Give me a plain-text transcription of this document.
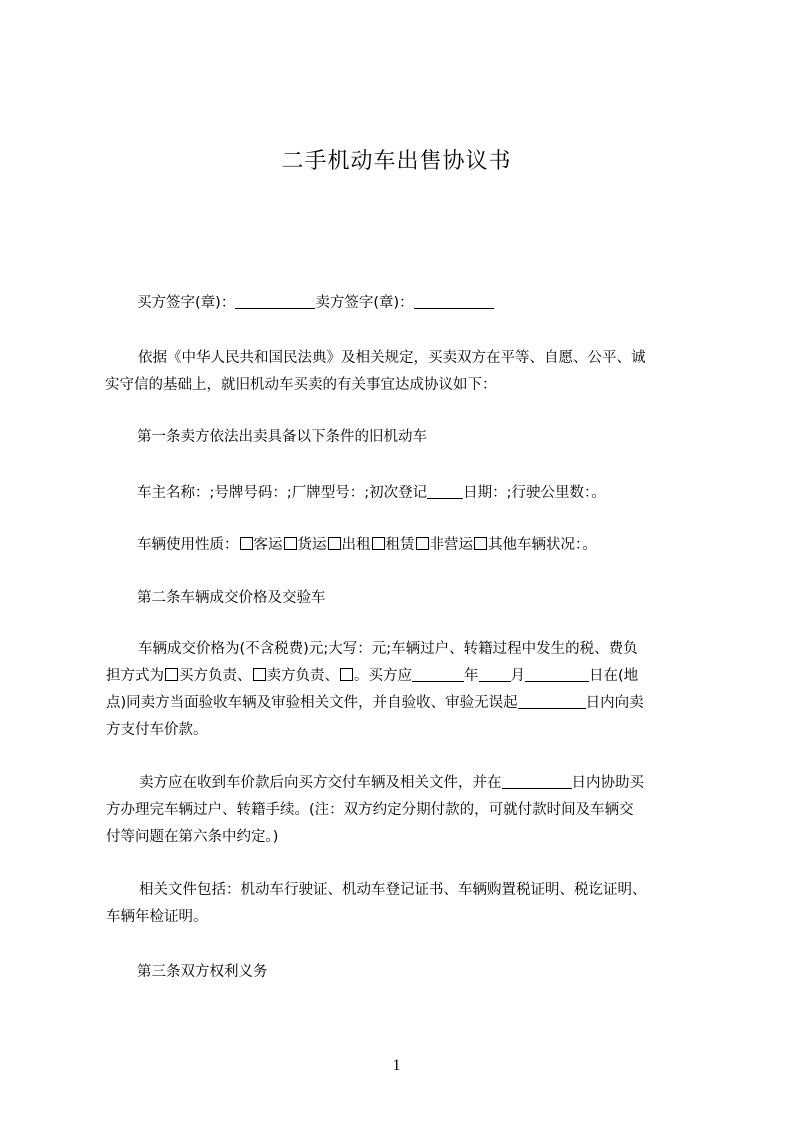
二手机动车出售协议书
买方签字(章)：	卖方签字(章)：
依据《中华人民共和国民法典》及相关规定，买卖双方在平等、自愿、公平、诚
实守信的基础上，就旧机动车买卖的有关事宜达成协议如下：
第一条卖方依法出卖具备以下条件的旧机动车
车主名称：;号牌号码：;厂牌型号：;初次登记 日期：;行驶公里数：。
车辆使用性质： 客运 货运 出租 租赁 非营运 其他车辆状况：。
第二条车辆成交价格及交验车
车辆成交价格为(不含税费)元;大写：元;车辆过户、转籍过程中发生的税、费负
担方式为 买方负责、 卖方负责、 。买方应	年 月	日在(地
点)同卖方当面验收车辆及审验相关文件，并自验收、审验无误起	日内向卖
方支付车价款。
卖方应在收到车价款后向买方交付车辆及相关文件，并在	日内协助买
方办理完车辆过户、转籍手续。(注：双方约定分期付款的，可就付款时间及车辆交
付等问题在第六条中约定。)
相关文件包括：机动车行驶证、机动车登记证书、车辆购置税证明、税讫证明、
车辆年检证明。
第三条双方权利义务
1
